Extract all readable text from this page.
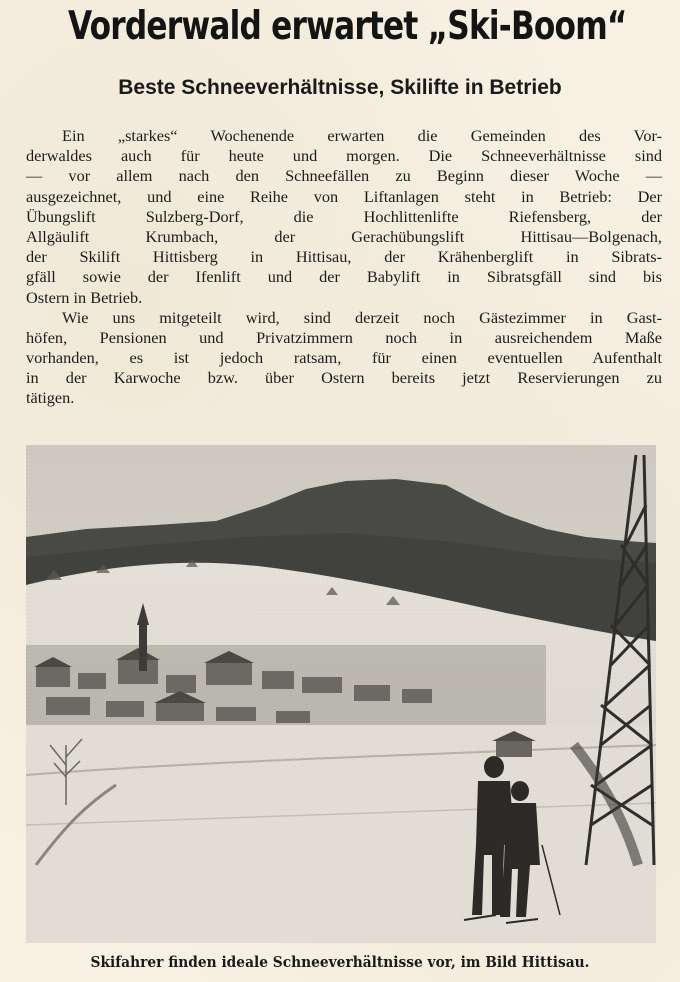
Vorderwald erwartet „Ski-Boom“
Beste Schneeverhältnisse, Skilifte in Betrieb
Ein „starkes“ Wochenende erwarten die Gemeinden des Vor-
derwaldes auch für heute und morgen. Die Schneeverhältnisse sind
— vor allem nach den Schneefällen zu Beginn dieser Woche —
ausgezeichnet, und eine Reihe von Liftanlagen steht in Betrieb: Der
Übungslift Sulzberg-Dorf, die Hochlittenlifte Riefensberg, der
Allgäulift Krumbach, der Gerachübungslift Hittisau—Bolgenach,
der Skilift Hittisberg in Hittisau, der Krähenberglift in Sibrats-
gfäll sowie der Ifenlift und der Babylift in Sibratsgfäll sind bis
Ostern in Betrieb.
Wie uns mitgeteilt wird, sind derzeit noch Gästezimmer in Gast-
höfen, Pensionen und Privatzimmern noch in ausreichendem Maße
vorhanden, es ist jedoch ratsam, für einen eventuellen Aufenthalt
in der Karwoche bzw. über Ostern bereits jetzt Reservierungen zu
tätigen.
Skifahrer finden ideale Schneeverhältnisse vor, im Bild Hittisau.
